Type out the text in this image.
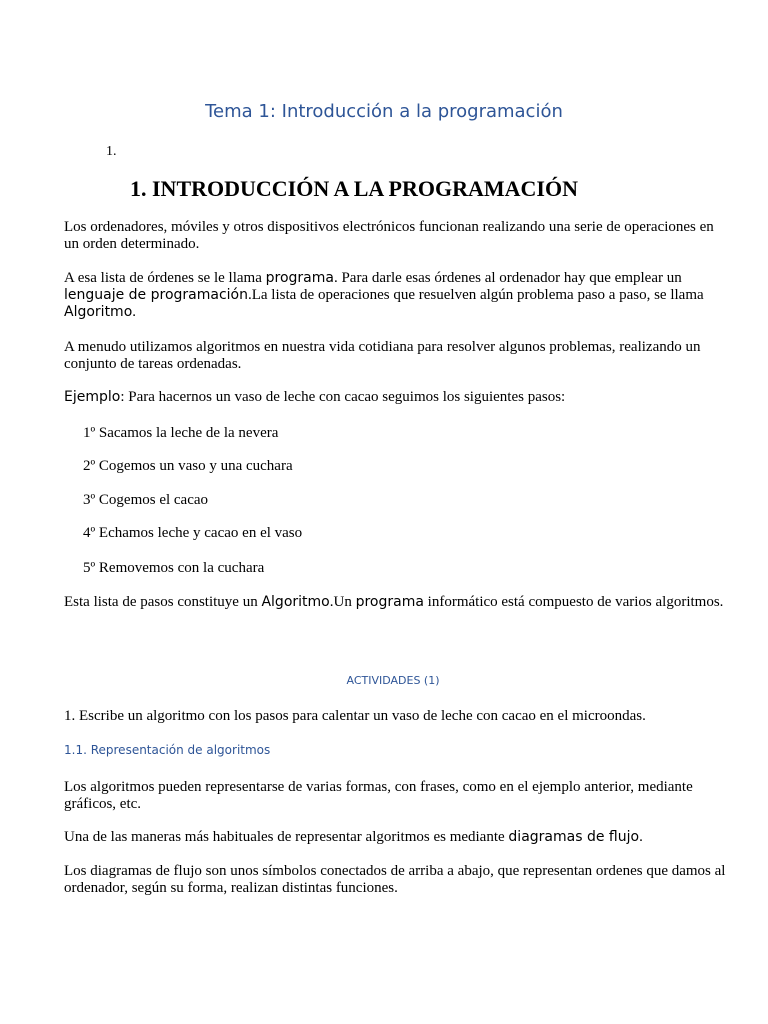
Tema 1: Introducción a la programación
1.
1. INTRODUCCIÓN A LA PROGRAMACIÓN
Los ordenadores, móviles y otros dispositivos electrónicos funcionan realizando una serie de operaciones en un orden determinado.
A esa lista de órdenes se le llama programa. Para darle esas órdenes al ordenador hay que emplear un lenguaje de programación.La lista de operaciones que resuelven algún problema paso a paso, se llama Algoritmo.
A menudo utilizamos algoritmos en nuestra vida cotidiana para resolver algunos problemas, realizando un conjunto de tareas ordenadas.
Ejemplo: Para hacernos un vaso de leche con cacao seguimos los siguientes pasos:
1º Sacamos la leche de la nevera
2º Cogemos un vaso y una cuchara
3º Cogemos el cacao
4º Echamos leche y cacao en el vaso
5º Removemos con la cuchara
Esta lista de pasos constituye un Algoritmo.Un programa informático está compuesto de varios algoritmos.
ACTIVIDADES (1)
1. Escribe un algoritmo con los pasos para calentar un vaso de leche con cacao en el microondas.
1.1. Representación de algoritmos
Los algoritmos pueden representarse de varias formas, con frases, como en el ejemplo anterior, mediante gráficos, etc.
Una de las maneras más habituales de representar algoritmos es mediante diagramas de flujo.
Los diagramas de flujo son unos símbolos conectados de arriba a abajo, que representan ordenes que damos al ordenador, según su forma, realizan distintas funciones.
